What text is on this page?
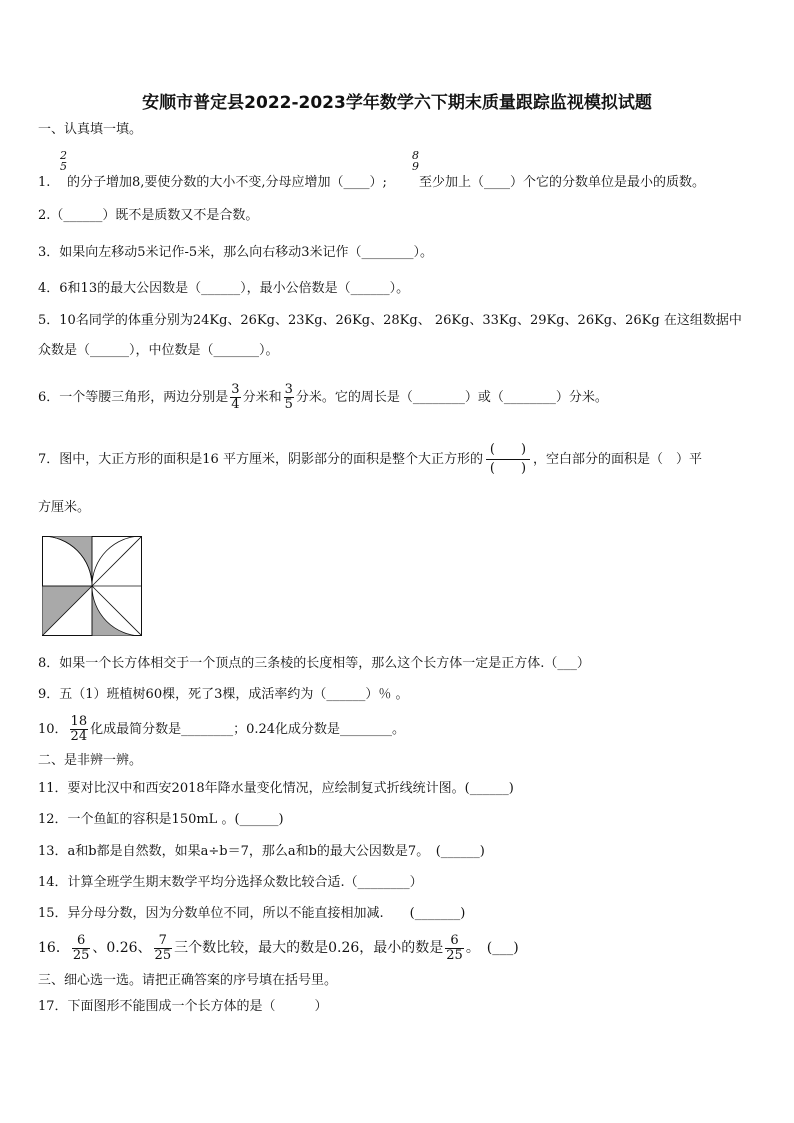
安顺市普定县2022-2023学年数学六下期末质量跟踪监视模拟试题
一、认真填一填。
1.
2
5
的分子增加8,要使分数的大小不变,分母应增加（____）;
8
9
至少加上（____）个它的分数单位是最小的质数。
2.（______）既不是质数又不是合数。
3．如果向左移动5米记作-5米，那么向右移动3米记作（________）。
4．6和13的最大公因数是（______），最小公倍数是（______）。
5．10名同学的体重分别为24Kg、26Kg、23Kg、26Kg、28Kg、 26Kg、33Kg、29Kg、26Kg、26Kg 在这组数据中
众数是（______），中位数是（_______）。
6．一个等腰三角形，两边分别是 $\frac{3}{4}$ 分米和 $\frac{3}{5}$ 分米。它的周长是（________）或（________）分米。
7．图中，大正方形的面积是16 平方厘米，阴影部分的面积是整个大正方形的
(　　)
(　　)
，空白部分的面积是（　）平
方厘米。
8．如果一个长方体相交于一个顶点的三条棱的长度相等，那么这个长方体一定是正方体.（___）
9．五（1）班植树60棵，死了3棵，成活率约为（______）％ 。
10． $\frac{18}{24}$ 化成最简分数是________；0.24化成分数是________。
二、是非辨一辨。
11．要对比汉中和西安2018年降水量变化情况，应绘制复式折线统计图。(______)
12．一个鱼缸的容积是150mL 。(______)
13．a和b都是自然数，如果a÷b＝7，那么a和b的最大公因数是7。　(______)
14．计算全班学生期末数学平均分选择众数比较合适.（________）
15．异分母分数，因为分数单位不同，所以不能直接相加减.　　(_______)
16． $\frac{6}{25}$ 、0.26、 $\frac{7}{25}$ 三个数比较，最大的数是0.26，最小的数是 $\frac{6}{25}$ 。　(___)
三、细心选一选。请把正确答案的序号填在括号里。
17．下面图形不能围成一个长方体的是（　　　）
